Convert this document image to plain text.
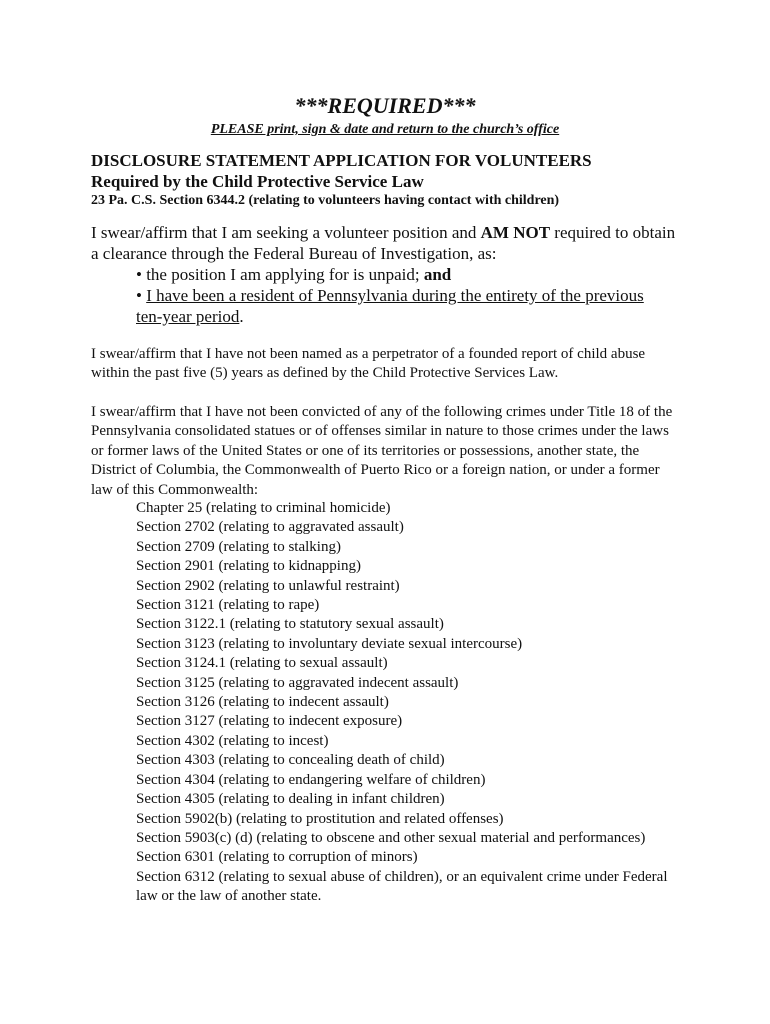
***REQUIRED***
PLEASE print, sign & date and return to the church’s office
DISCLOSURE STATEMENT APPLICATION FOR VOLUNTEERS
Required by the Child Protective Service Law
23 Pa. C.S. Section 6344.2 (relating to volunteers having contact with children)
I swear/affirm that I am seeking a volunteer position and AM NOT required to obtain a clearance through the Federal Bureau of Investigation, as:
• the position I am applying for is unpaid; and
• I have been a resident of Pennsylvania during the entirety of the previous ten-year period.
I swear/affirm that I have not been named as a perpetrator of a founded report of child abuse within the past five (5) years as defined by the Child Protective Services Law.
I swear/affirm that I have not been convicted of any of the following crimes under Title 18 of the Pennsylvania consolidated statues or of offenses similar in nature to those crimes under the laws or former laws of the United States or one of its territories or possessions, another state, the District of Columbia, the Commonwealth of Puerto Rico or a foreign nation, or under a former law of this Commonwealth:
Chapter 25 (relating to criminal homicide)
Section 2702 (relating to aggravated assault)
Section 2709 (relating to stalking)
Section 2901 (relating to kidnapping)
Section 2902 (relating to unlawful restraint)
Section 3121 (relating to rape)
Section 3122.1 (relating to statutory sexual assault)
Section 3123 (relating to involuntary deviate sexual intercourse)
Section 3124.1 (relating to sexual assault)
Section 3125 (relating to aggravated indecent assault)
Section 3126 (relating to indecent assault)
Section 3127 (relating to indecent exposure)
Section 4302 (relating to incest)
Section 4303 (relating to concealing death of child)
Section 4304 (relating to endangering welfare of children)
Section 4305 (relating to dealing in infant children)
Section 5902(b) (relating to prostitution and related offenses)
Section 5903(c) (d) (relating to obscene and other sexual material and performances)
Section 6301 (relating to corruption of minors)
Section 6312 (relating to sexual abuse of children), or an equivalent crime under Federal law or the law of another state.
